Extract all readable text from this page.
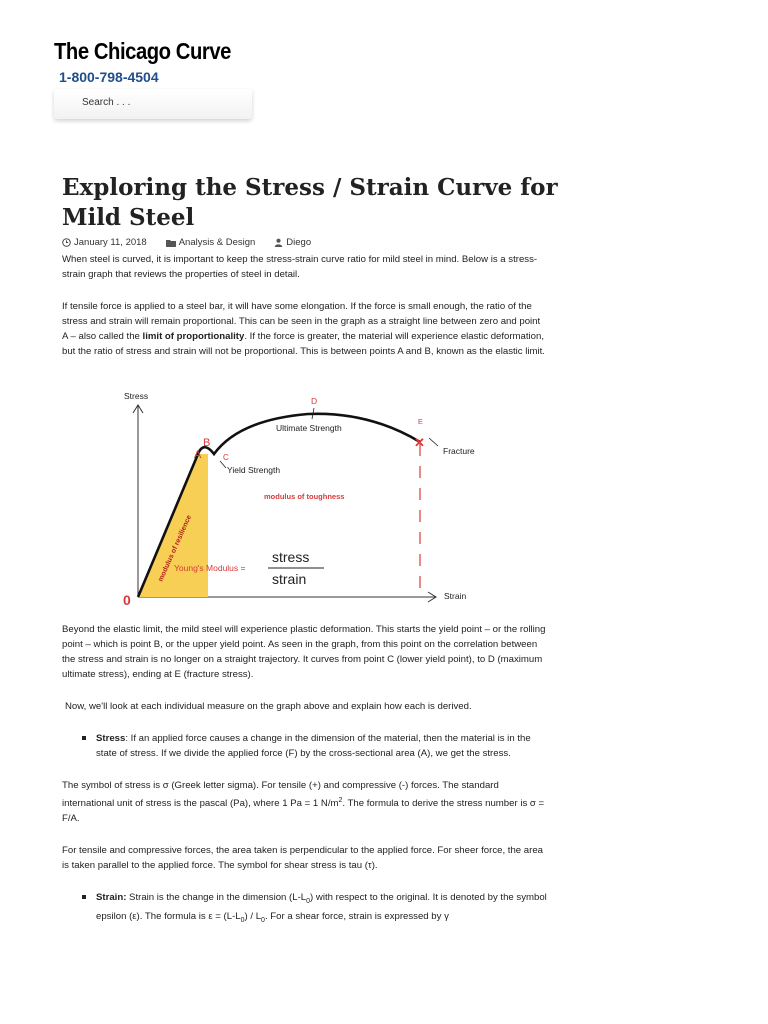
The Chicago Curve
1-800-798-4504
Search . . .
Exploring the Stress / Strain Curve for Mild Steel
January 11, 2018	Analysis & Design	Diego

When steel is curved, it is important to keep the stress-strain curve ratio for mild steel in mind. Below is a stress-strain graph that reviews the properties of steel in detail.

If tensile force is applied to a steel bar, it will have some elongation. If the force is small enough, the ratio of the stress and strain will remain proportional. This can be seen in the graph as a straight line between zero and point A – also called the limit of proportionality. If the force is greater, the material will experience elastic deformation, but the ratio of stress and strain will not be proportional. This is between points A and B, known as the elastic limit.

✕
Stress
Strain
0
A
B
C
D
E
Ultimate Strength
Yield Strength
Fracture
modulus of toughness
modulus of resilience
Young's Modulus =
stress
strain

Beyond the elastic limit, the mild steel will experience plastic deformation. This starts the yield point – or the rolling point – which is point B, or the upper yield point. As seen in the graph, from this point on the correlation between the stress and strain is no longer on a straight trajectory. It curves from point C (lower yield point), to D (maximum ultimate stress), ending at E (fracture stress).

Now, we'll look at each individual measure on the graph above and explain how each is derived.

Stress: If an applied force causes a change in the dimension of the material, then the material is in the state of stress. If we divide the applied force (F) by the cross-sectional area (A), we get the stress.

The symbol of stress is σ (Greek letter sigma). For tensile (+) and compressive (-) forces. The standard international unit of stress is the pascal (Pa), where 1 Pa = 1 $N/m^2$. The formula to derive the stress number is σ = F/A.

For tensile and compressive forces, the area taken is perpendicular to the applied force. For sheer force, the area is taken parallel to the applied force. The symbol for shear stress is tau (τ).

Strain: Strain is the change in the dimension $(L-L_0)$ with respect to the original. It is denoted by the symbol epsilon (ε). The formula is $\varepsilon = (L-L_0) / L_0$. For a shear force, strain is expressed by γ
